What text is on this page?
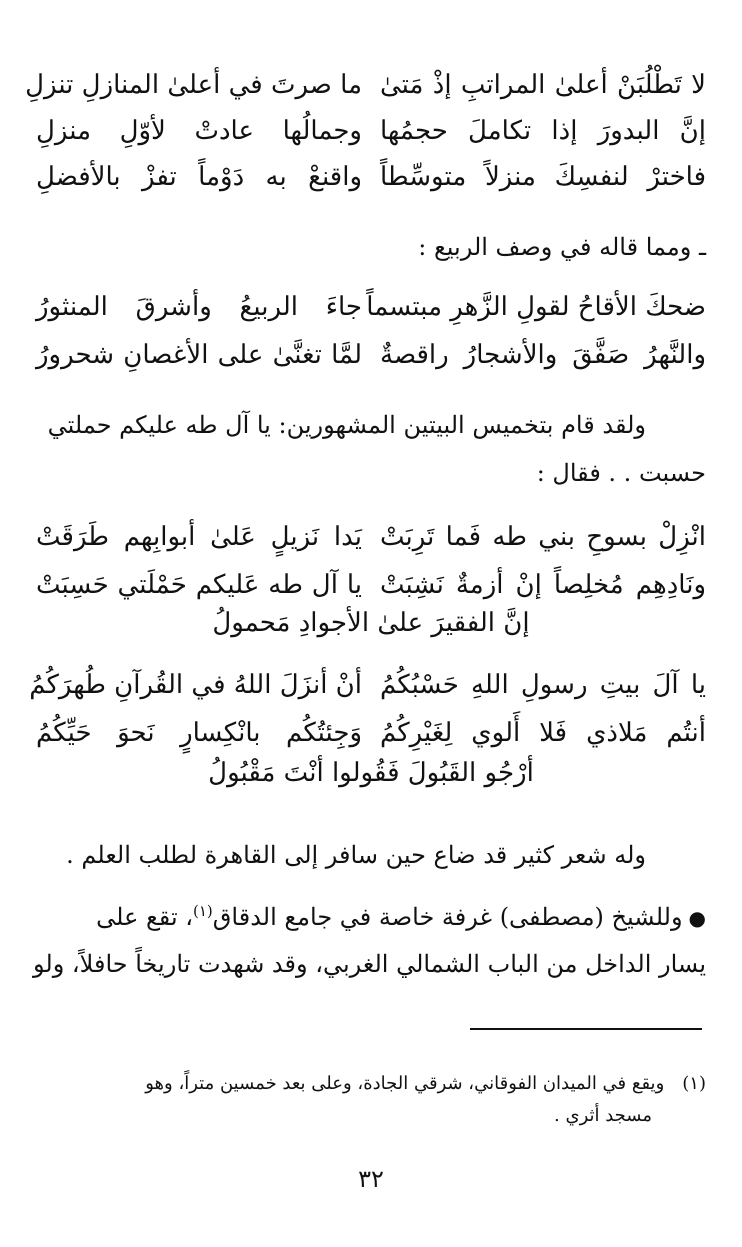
لا تَطْلُبَنْ أعلىٰ المراتبِ إذْ مَتىٰ
ما صرتَ في أعلىٰ المنازلِ تنزلِ
إنَّ البدورَ إذا تكاملَ حجمُها
وجمالُها عادتْ لأوّلِ منزلِ
فاخترْ لنفسِكَ منزلاً متوسِّطاً
واقنعْ به دَوْماً تفزْ بالأفضلِ
ـ ومما قاله في وصف الربيع :
ضحكَ الأقاحُ لقولِ الزَّهرِ مبتسماً
جاءَ الربيعُ وأشرقَ المنثورُ
والنَّهرُ صَفَّقَ والأشجارُ راقصةٌ
لمَّا تغنَّىٰ على الأغصانِ شحرورُ
ولقد قام بتخميس البيتين المشهورين: يا آل طه عليكم حملتي
حسبت . . فقال :
انْزِلْ بسوحِ بني طه فَما تَرِبَتْ
يَدا نَزيلٍ عَلىٰ أبوابِهم طَرَقَتْ
ونَادِهِم مُخلِصاً إنْ أزمةٌ نَشِبَتْ
يا آل طه عَليكم حَمْلَتي حَسِبَتْ
إنَّ الفقيرَ علىٰ الأجوادِ مَحمولُ
يا آلَ بيتِ رسولِ اللهِ حَسْبُكُمُ
أنْ أنزَلَ اللهُ في القُرآنِ طُهرَكُمُ
أنتُم مَلاذي فَلا أَلوي لِغَيْرِكُمُ
وَجِئتُكُم بانْكِسارٍ نَحوَ حَيِّكُمُ
أرْجُو القَبُولَ فَقُولوا أنْتَ مَقْبُولُ
وله شعر كثير قد ضاع حين سافر إلى القاهرة لطلب العلم .
●وللشيخ (مصطفى) غرفة خاصة في جامع الدقاق$^{(١)}$، تقع على
يسار الداخل من الباب الشمالي الغربي، وقد شهدت تاريخاً حافلاً، ولو
(١)ويقع في الميدان الفوقاني، شرقي الجادة، وعلى بعد خمسين متراً، وهو
مسجد أثري .
٣٢
